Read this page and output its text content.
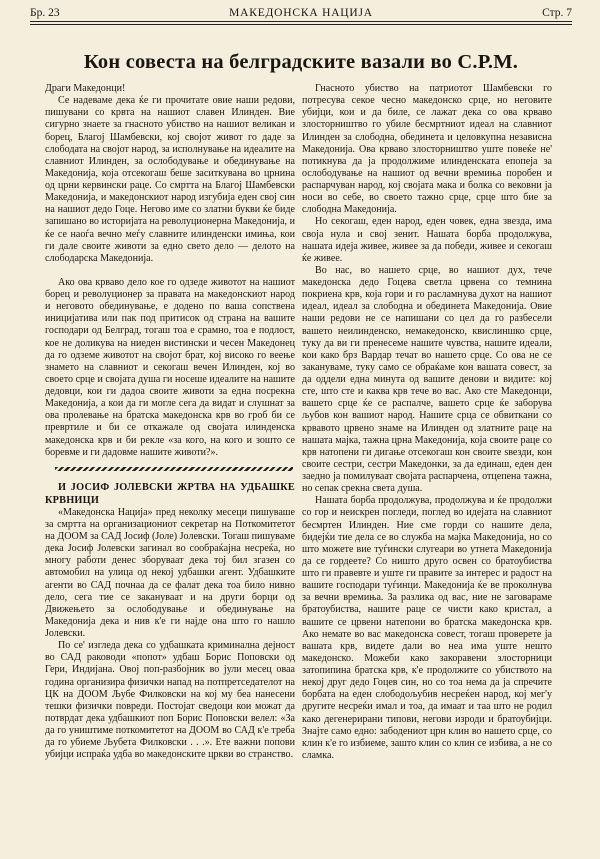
Бр. 23	МАКЕДОНСКА НАЦИЈА	Стр. 7
Кон совеста на белградските вазали во С.Р.М.

Драги Македонци!

Се надеваме дека ќе ги прочитате овие наши редови, пишувани со крвта на нашиот славен Илинден. Вие сигурно знаете за гнасното убиство на нашиот великан и борец, Благој Шамбевски, кој својот живот го даде за слободата на својот народ, за исполнување на идеалите на славниот Илинден, за ослободување и обединување на Македонија, која отсекогаш беше заситкувана во црнина од црни кервински раце. Со смртта на Благој Шамбевски Македонија, и македонскиот народ изгубија еден свој син на нашиот дедо Гоце. Негово име со златни букви ќе биде запишано во историјата на револуционерна Македонија, и ќе се наоѓа вечно меѓу славните илинденски имиња, кои ги дале своите животи за едно свето дело — делото на слободарска Македонија.

Ако ова крваво дело кое го одзеде животот на нашиот борец и револуционер за правата на македонскиот народ и неговото обединување, е додено по ваша сопствена иницијатива или пак под притисок од страна на вашите господари од Белград, тогаш тоа е срамно, тоа е подлост, кое не доликува на ниеден вистински и чесен Македонец да го одземе животот на својот брат, кој високо го веење знамето на славниот и секогаш вечен Илинден, кој во своето срце и својата душа ги носеше идеалите на нашите дедовци, кои ги дадоа своите животи за една посрекна Македонија, а кои да ги могле сега да видат и слушнат за ова пролевање на братска македонска крв во гроб би се превртиле и би се откажале од својата илинденска македонска крв и би рекле «за кого, на кого и зошто се боревме и ги дадовме нашите животи?».

И ЈОСИФ ЈОЛЕВСКИ ЖРТВА НА УДБАШКЕ КРВНИЦИ

«Македонска Нација» пред неколку месеци пишуваше за смртта на организациониот секретар на Поткомитетот на ДООМ за САД Јосиф (Joле) Јолевски. Тогаш пишуваме дека Јосиф Јолевски загинал во сообраќајна несреќа, но многу работи денес зборуваат дека тој бил згазен со автомобил на улица од некој удбашки агент. Удбашките агенти во САД почнаа да се фалат дека тоа било нивно дело, сега тие се закануваат и на други борци од Движењето за ослободување и обединување на Македонија дека и нив к'е ги најде она што го нашло Јолевски.

По се' изгледа дека со удбашката криминална дејност во САД раководи «попот» удбаш Борис Поповски од Гери, Индијана. Овој поп-разбојник во јули месец оваа година организира физички напад на потпретседателот на ЦК на ДООМ Љубе Филковски на кој му беа нанесени тешки физички повреди. Постојат сведоци кои можат да потврдат дека удбашкиот поп Борис Поповски велел: «За да го уништиме поткомитетот на ДООМ во САД к'е треба да го убиеме Љубета Филковски . . .». Ете важни попови убијци испраќа удба во македонските цркви во странство.

Гнасното убиство на патриотот Шамбевски го потресува секое чесно македонско срце, но неговите убијци, кои и да биле, се лажат дека со ова крваво злосторништво го убиле бесмртниот идеал на славниот Илинден за слободна, обединета и целовкупна независна Македонија. Ова крваво злосторништво уште повеќе не' потикнува да ја продолжиме илинденската епопеја за ослободување на нашиот од вечни времиња поробен и распарчуван народ, кој својата мака и болка со вековни ја носи во себе, во своето тажно срце, срце што бие за слободна Македонија.

Но секогаш, еден народ, еден човек, една звезда, има своја нула и свој зенит. Нашата борба продолжува, нашата идеја живее, живее за да победи, живее и секогаш ќе живее.

Во нас, во нашето срце, во нашиот дух, тече македонска дедо Гоцева светла црвена со темнина покриена крв, која гори и го расламнува духот на нашиот идеал, идеал за слободна и обединета Македонија. Овие наши редови не се напишани со цел да го разбесели вашето неилинденско, немакедонско, квислиншко срце, туку да ви ги пренесеме нашите чувства, нашите идеали, кои како брз Вардар течат во нашето срце. Со ова не се закануваме, туку само се обраќаме кон вашата совест, за да оддели една минута од вашите денови и видите: кој сте, што сте и каква крв тече во вас. Ако сте Македонци, вашето срце ќе се распалче, вашето срце ќе заборува љубов кон вашиот народ. Нашите срца се обвиткани со крвавото црвено знаме на Илинден од златните раце на нашата мајка, тажна црна Македонија, која своите раце со крв натопени ги дигање отсекогаш кон своите ѕвезди, кон своите сестри, сестри Македонки, за да единаш, еден ден заедно ја помилуваат својата распарчена, отцепена тажна, но сепак срекна света душа.

Нашата борба продолжува, продолжува и ќе продолжи со гор и неискрен погледи, поглед во идејата на славниот бесмртен Илинден. Ние сме горди со нашите дела, бидејќи тие дела се во служба на мајка Македонија, но со што можете вие туѓински слугеари во утнета Македонија да се гордеете? Со ништо друго освен со братоубиства што ги правевте и уште ги правите за интерес и радост на вашите господари туѓинци. Македонија ќе ве проколнува за вечни времиња. За разлика од вас, ние не заговараме братоубиства, нашите раце се чисти како кристал, а вашите се црвени натепони во братска македонска крв. Ако немате во вас македонска совест, тогаш проверете ја вашата крв, видете дали во неа има уште нешто македонско. Можеби како закоравени злосторници затопипина братска крв, к'е продолжите со убиството на некој друг дедо Гоцев син, но со тоа нема да ја спречите борбата на еден слободољубив несреќен народ, кој мег'у другите несреќи имал и тоа, да имаат и таа што не родил како дегенерирани типови, негови изроди и братоубијци. Знајте само едно: забодениот црн клин во нашето срце, со клин к'е го избиеме, зашто клин со клин се избива, а не со сламка.
